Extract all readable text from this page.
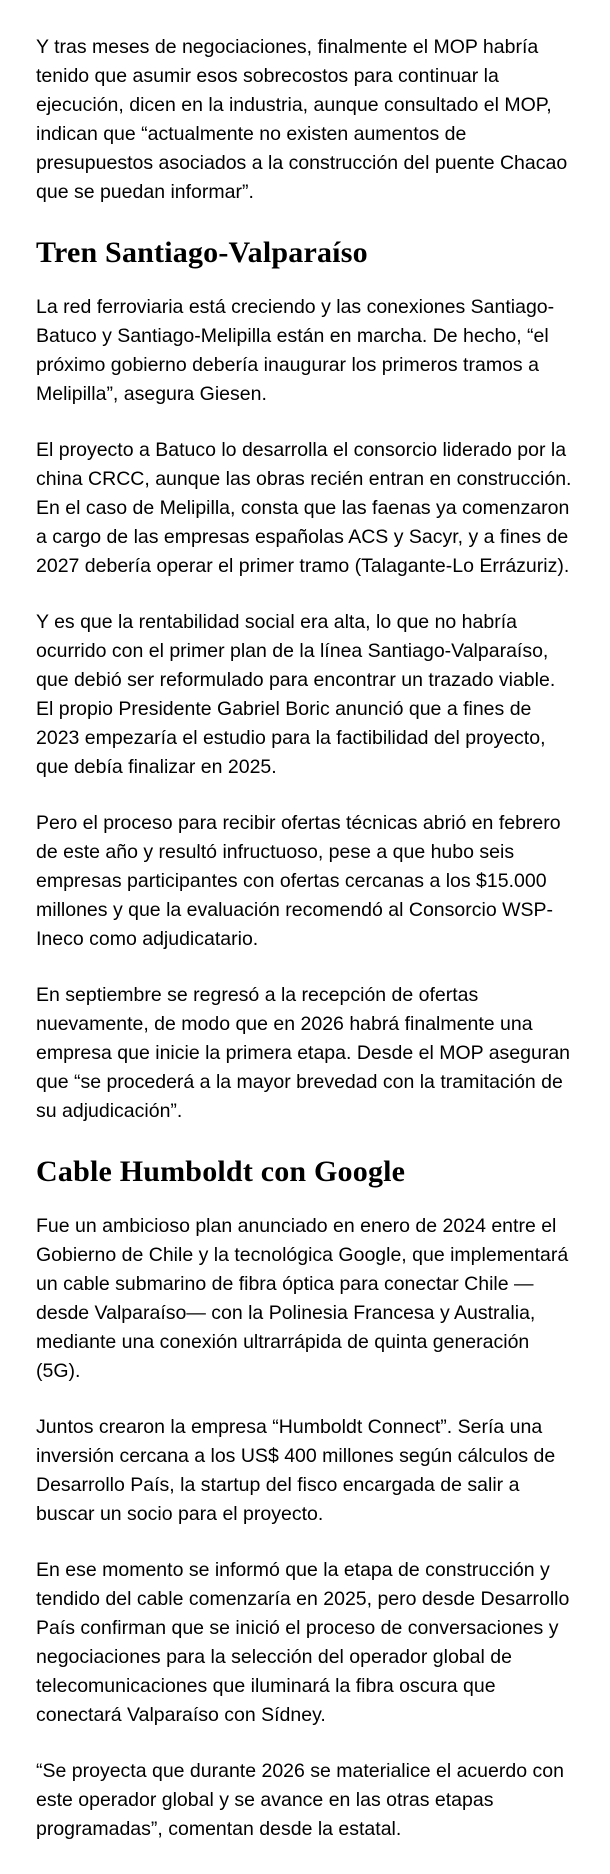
Y tras meses de negociaciones, finalmente el MOP habría tenido que asumir esos sobrecostos para continuar la ejecución, dicen en la industria, aunque consultado el MOP, indican que “actualmente no existen aumentos de presupuestos asociados a la construcción del puente Chacao que se puedan informar”.

Tren Santiago-Valparaíso

La red ferroviaria está creciendo y las conexiones Santiago-Batuco y Santiago-Melipilla están en marcha. De hecho, “el próximo gobierno debería inaugurar los primeros tramos a Melipilla”, asegura Giesen.

El proyecto a Batuco lo desarrolla el consorcio liderado por la china CRCC, aunque las obras recién entran en construcción. En el caso de Melipilla, consta que las faenas ya comenzaron a cargo de las empresas españolas ACS y Sacyr, y a fines de 2027 debería operar el primer tramo (Talagante-Lo Errázuriz).

Y es que la rentabilidad social era alta, lo que no habría ocurrido con el primer plan de la línea Santiago-Valparaíso, que debió ser reformulado para encontrar un trazado viable. El propio Presidente Gabriel Boric anunció que a fines de 2023 empezaría el estudio para la factibilidad del proyecto, que debía finalizar en 2025.

Pero el proceso para recibir ofertas técnicas abrió en febrero de este año y resultó infructuoso, pese a que hubo seis empresas participantes con ofertas cercanas a los $15.000 millones y que la evaluación recomendó al Consorcio WSP-Ineco como adjudicatario.

En septiembre se regresó a la recepción de ofertas nuevamente, de modo que en 2026 habrá finalmente una empresa que inicie la primera etapa. Desde el MOP aseguran que “se procederá a la mayor brevedad con la tramitación de su adjudicación”.

Cable Humboldt con Google

Fue un ambicioso plan anunciado en enero de 2024 entre el Gobierno de Chile y la tecnológica Google, que implementará un cable submarino de fibra óptica para conectar Chile —desde Valparaíso— con la Polinesia Francesa y Australia, mediante una conexión ultrarrápida de quinta generación (5G).

Juntos crearon la empresa “Humboldt Connect”. Sería una inversión cercana a los US$ 400 millones según cálculos de Desarrollo País, la startup del fisco encargada de salir a buscar un socio para el proyecto.

En ese momento se informó que la etapa de construcción y tendido del cable comenzaría en 2025, pero desde Desarrollo País confirman que se inició el proceso de conversaciones y negociaciones para la selección del operador global de telecomunicaciones que iluminará la fibra oscura que conectará Valparaíso con Sídney.

“Se proyecta que durante 2026 se materialice el acuerdo con este operador global y se avance en las otras etapas programadas”, comentan desde la estatal.
